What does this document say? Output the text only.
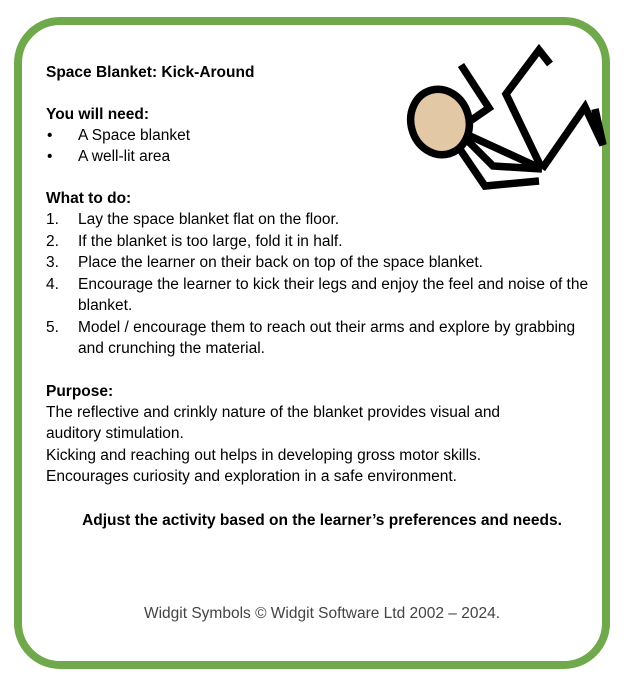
Space Blanket: Kick-Around
You will need:
• A Space blanket
• A well-lit area
What to do:
1. Lay the space blanket flat on the floor.
2. If the blanket is too large, fold it in half.
3. Place the learner on their back on top of the space blanket.
4. Encourage the learner to kick their legs and enjoy the feel and noise of the blanket.
5. Model / encourage them to reach out their arms and explore by grabbing and crunching the material.
Purpose:
The reflective and crinkly nature of the blanket provides visual and
auditory stimulation.
Kicking and reaching out helps in developing gross motor skills.
Encourages curiosity and exploration in a safe environment.
Adjust the activity based on the learner’s preferences and needs.
Widgit Symbols © Widgit Software Ltd 2002 – 2024.
